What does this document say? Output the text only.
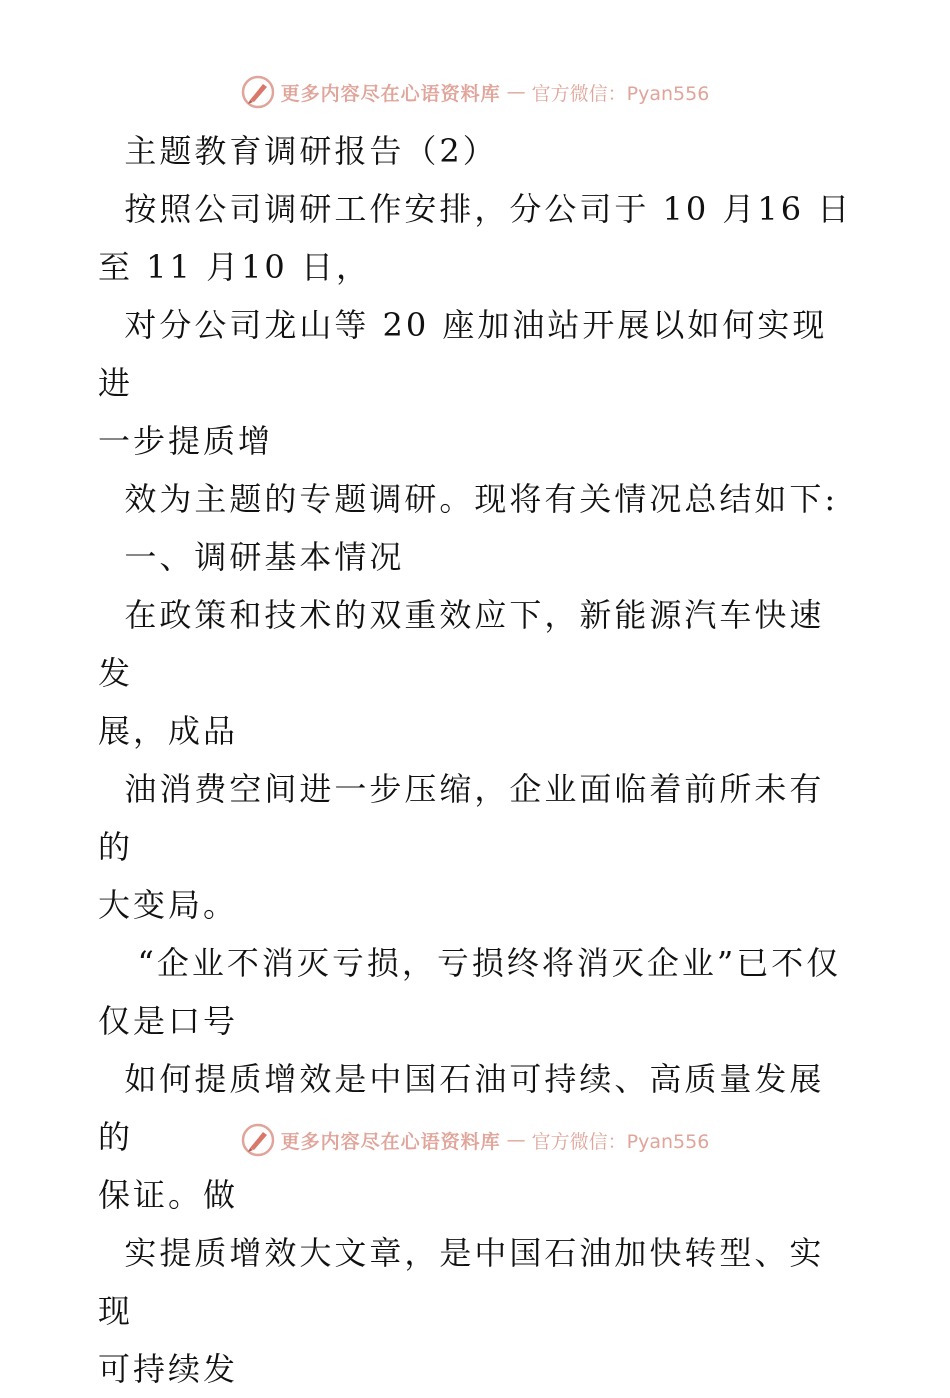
更多内容尽在心语资料库 — 官方微信：Pyan556

主题教育调研报告（2）

按照公司调研工作安排，分公司于 10 月16 日

至 11 月10 日，

对分公司龙山等 20 座加油站开展以如何实现进

一步提质增

效为主题的专题调研。现将有关情况总结如下:

一、调研基本情况

在政策和技术的双重效应下，新能源汽车快速发

展，成品

油消费空间进一步压缩，企业面临着前所未有的

大变局。

“企业不消灭亏损，亏损终将消灭企业”已不仅

仅是口号

如何提质增效是中国石油可持续、高质量发展的

保证。做

实提质增效大文章，是中国石油加快转型、实现

可持续发

更多内容尽在心语资料库 — 官方微信：Pyan556
